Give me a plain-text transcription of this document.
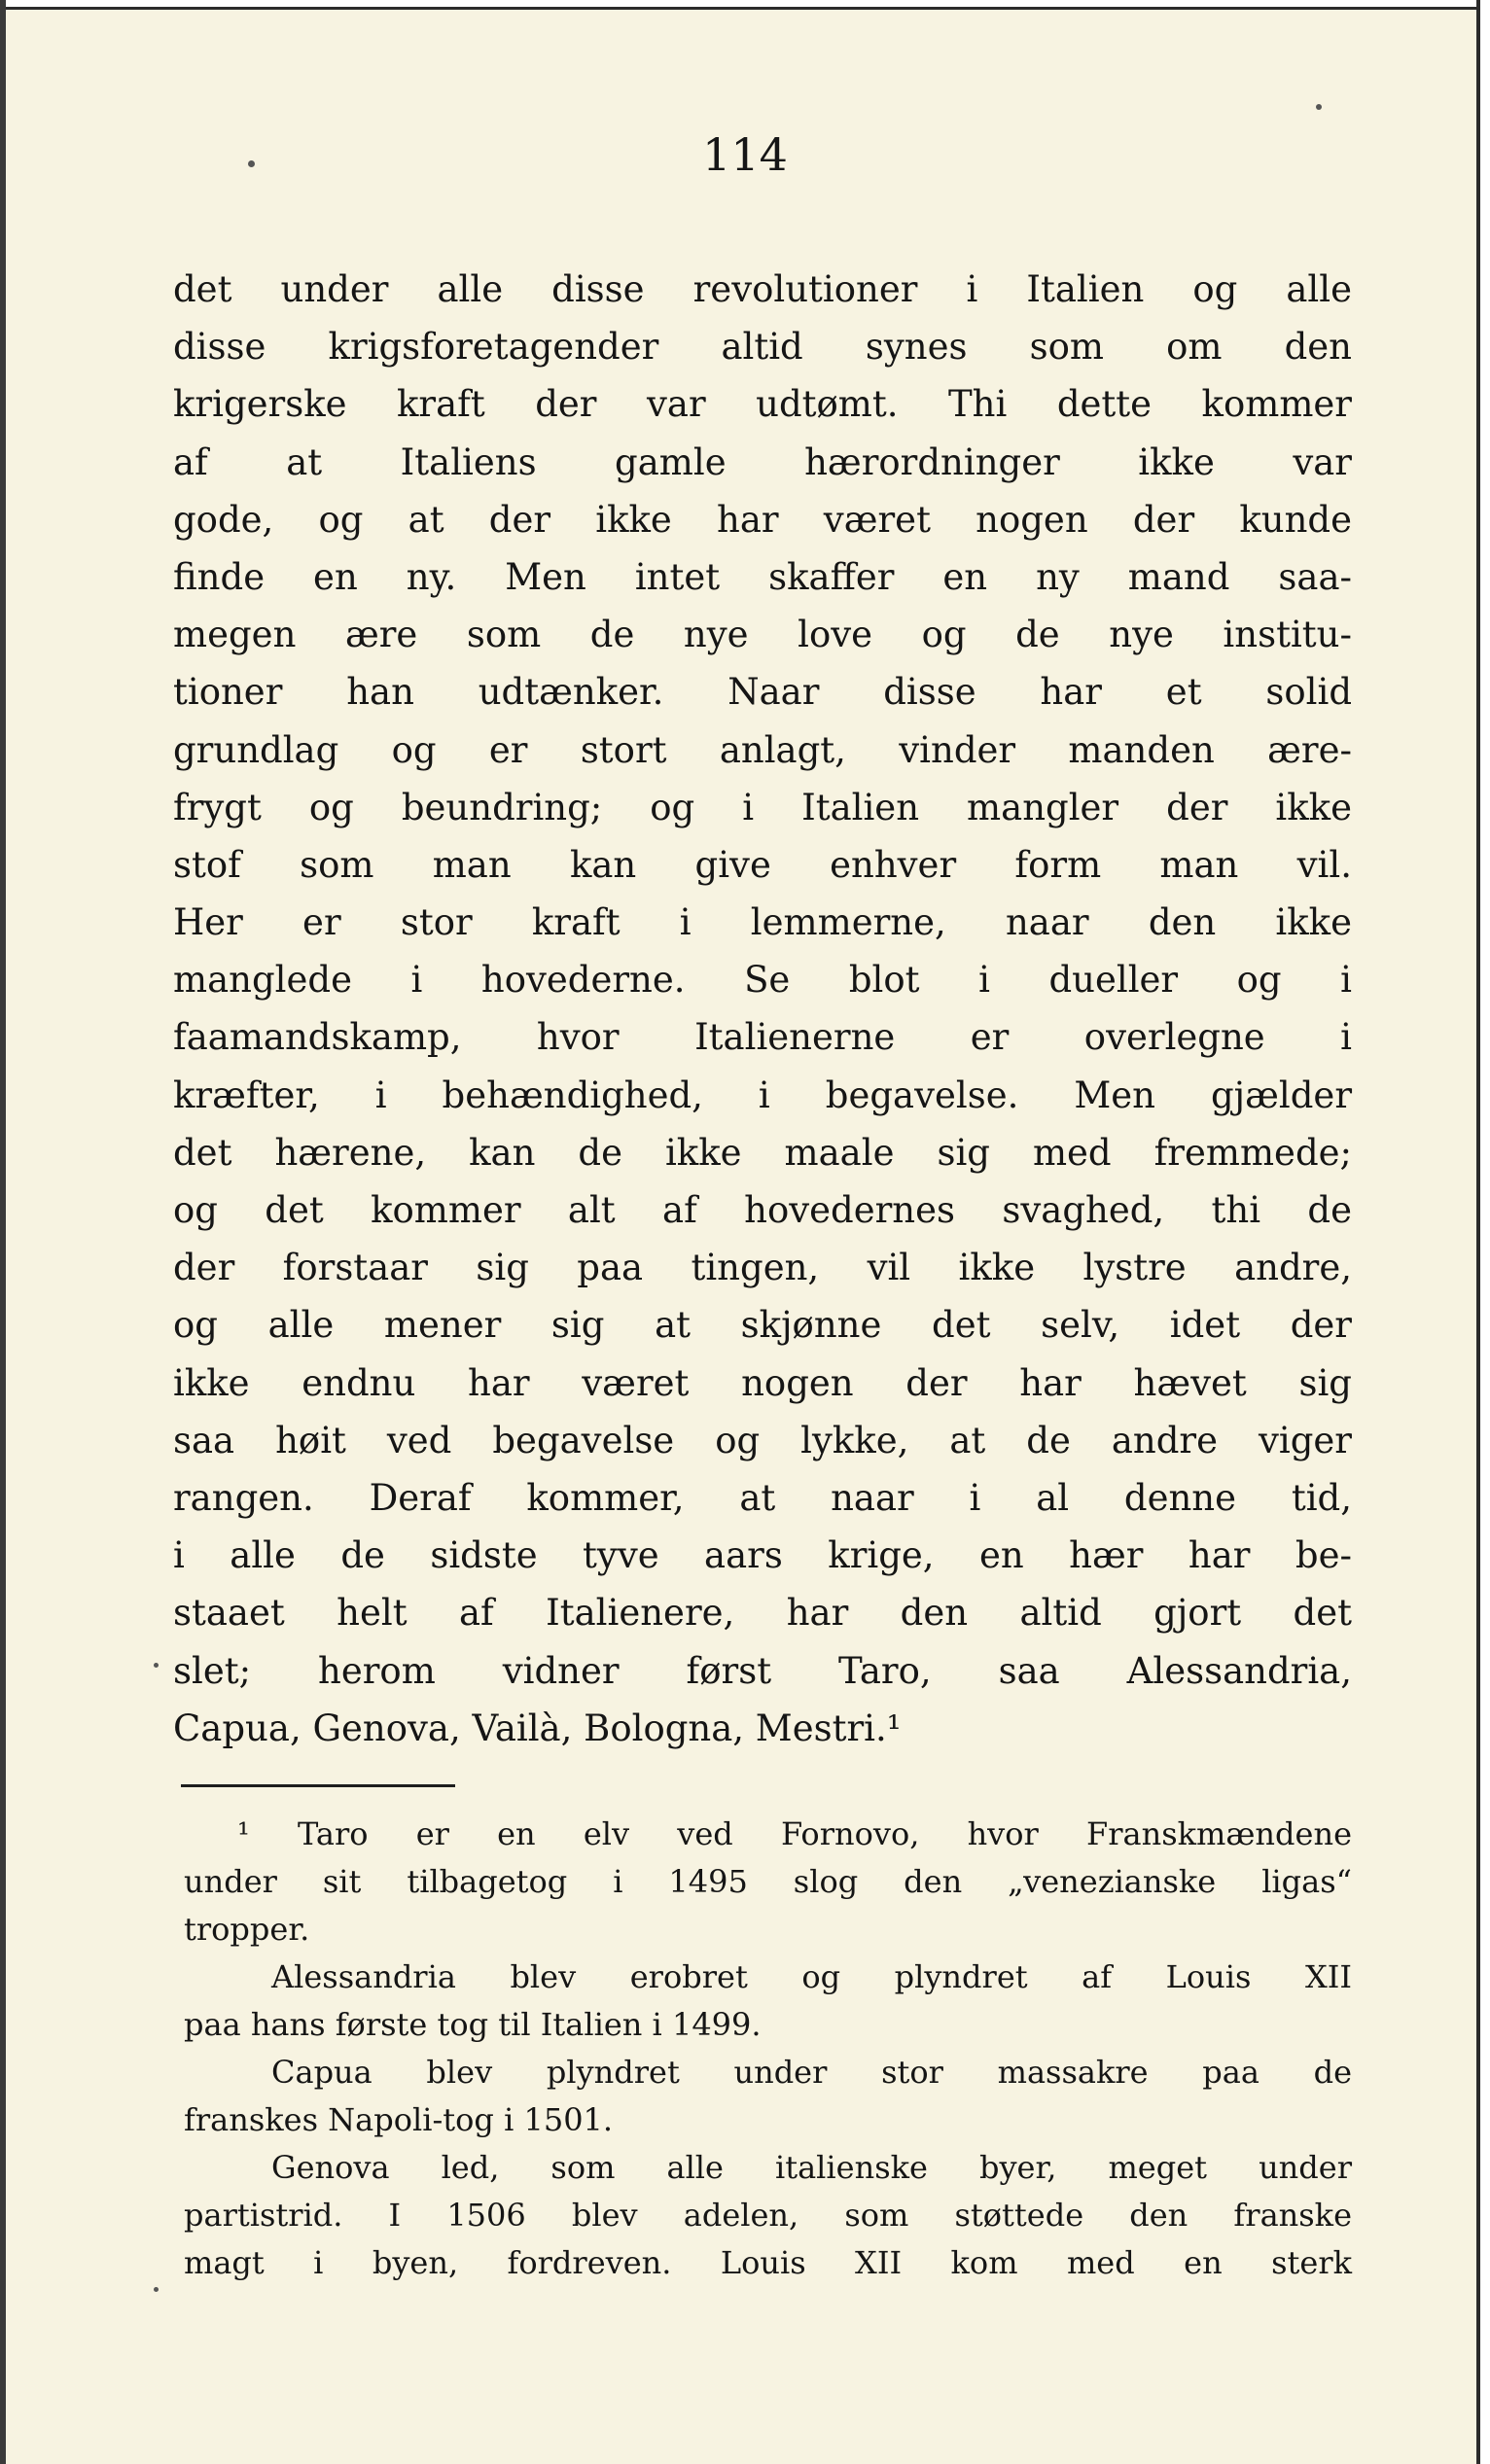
114
det under alle disse revolutioner i Italien og alle
disse krigsforetagender altid synes som om den
krigerske kraft der var udtømt. Thi dette kommer
af at Italiens gamle hærordninger ikke var
gode, og at der ikke har været nogen der kunde
finde en ny. Men intet skaffer en ny mand saa-
megen ære som de nye love og de nye institu-
tioner han udtænker. Naar disse har et solid
grundlag og er stort anlagt, vinder manden ære-
frygt og beundring; og i Italien mangler der ikke
stof som man kan give enhver form man vil.
Her er stor kraft i lemmerne, naar den ikke
manglede i hovederne. Se blot i dueller og i
faamandskamp, hvor Italienerne er overlegne i
kræfter, i behændighed, i begavelse. Men gjælder
det hærene, kan de ikke maale sig med fremmede;
og det kommer alt af hovedernes svaghed, thi de
der forstaar sig paa tingen, vil ikke lystre andre,
og alle mener sig at skjønne det selv, idet der
ikke endnu har været nogen der har hævet sig
saa høit ved begavelse og lykke, at de andre viger
rangen. Deraf kommer, at naar i al denne tid,
i alle de sidste tyve aars krige, en hær har be-
staaet helt af Italienere, har den altid gjort det
slet; herom vidner først Taro, saa Alessandria,
Capua, Genova, Vailà, Bologna, Mestri.¹
¹ Taro er en elv ved Fornovo, hvor Franskmændene
under sit tilbagetog i 1495 slog den „venezianske ligas“
tropper.
Alessandria blev erobret og plyndret af Louis XII
paa hans første tog til Italien i 1499.
Capua blev plyndret under stor massakre paa de
franskes Napoli-tog i 1501.
Genova led, som alle italienske byer, meget under
partistrid. I 1506 blev adelen, som støttede den franske
magt i byen, fordreven. Louis XII kom med en sterk
